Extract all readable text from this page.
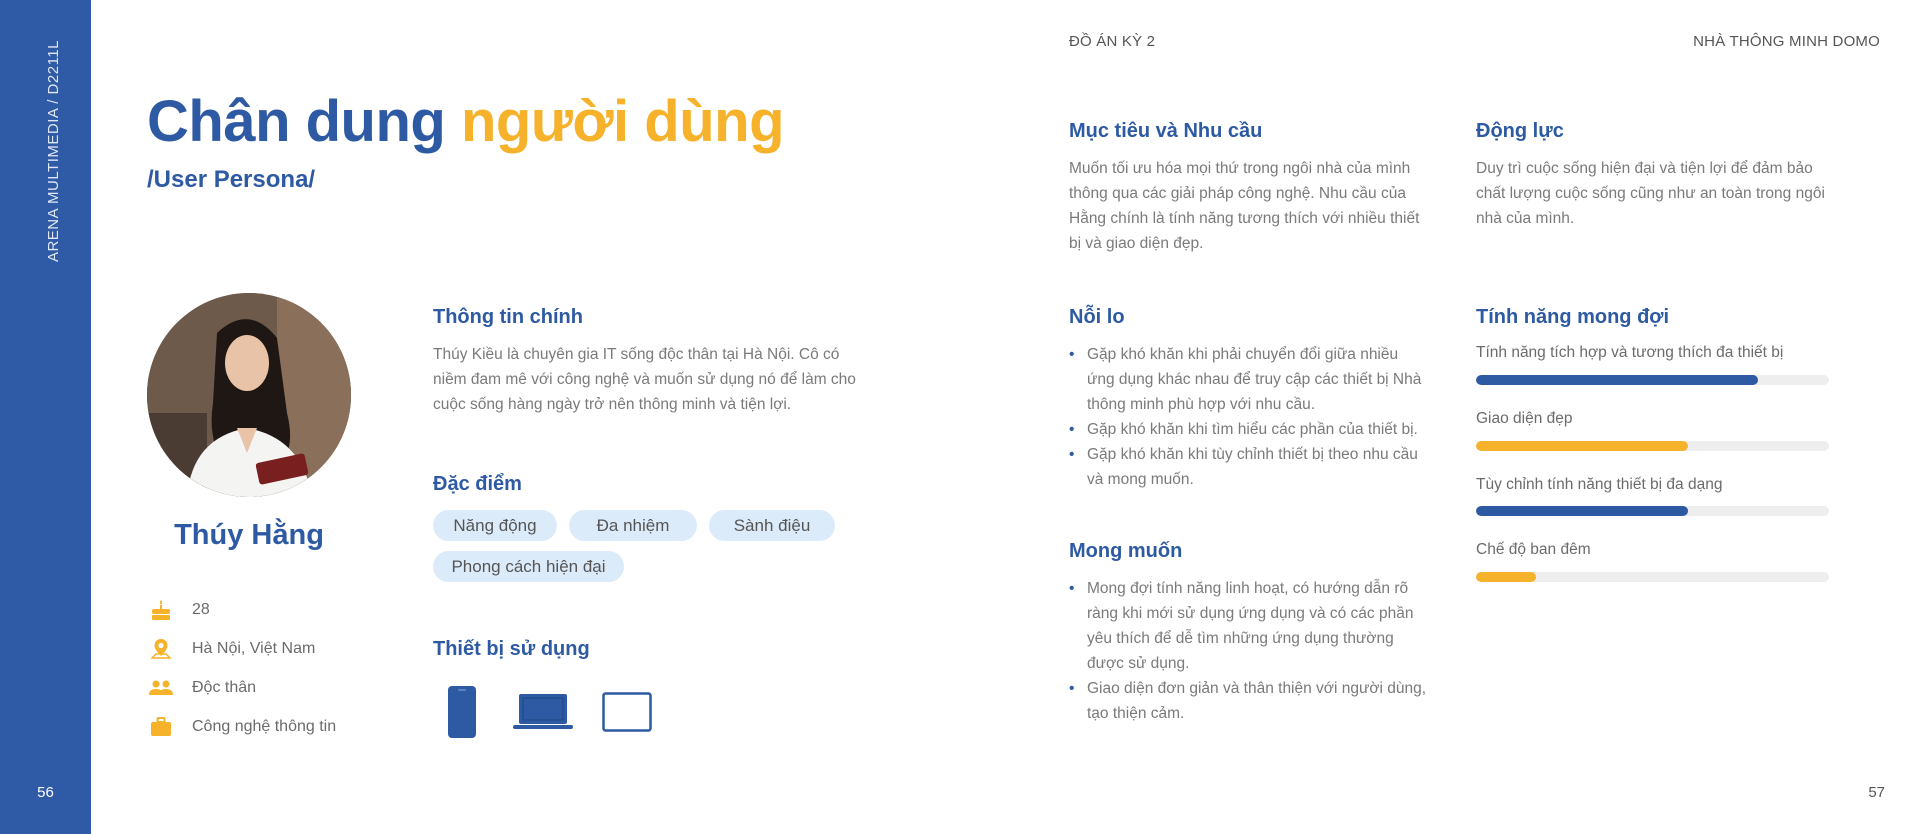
ARENA MULTIMEDIA / D2211L
56
ĐỒ ÁN KỲ 2	NHÀ THÔNG MINH DOMO
57
Chân dung người dùng
/User Persona/
Thúy Hằng
28
Hà Nội, Việt Nam
Độc thân
Công nghệ thông tin
Thông tin chính
Thúy Kiều là chuyên gia IT sống độc thân tại Hà Nội. Cô có
niềm đam mê với công nghệ và muốn sử dụng nó để làm cho
cuộc sống hàng ngày trở nên thông minh và tiện lợi.
Đặc điểm
Năng động	Đa nhiệm	Sành điệu
Phong cách hiện đại
Thiết bị sử dụng
Mục tiêu và Nhu cầu
Muốn tối ưu hóa mọi thứ trong ngôi nhà của mình
thông qua các giải pháp công nghệ. Nhu cầu của
Hằng chính là tính năng tương thích với nhiều thiết
bị và giao diện đẹp.
Động lực
Duy trì cuộc sống hiện đại và tiện lợi để đảm bảo
chất lượng cuộc sống cũng như an toàn trong ngôi
nhà của mình.
Nỗi lo
• Gặp khó khăn khi phải chuyển đổi giữa nhiều
ứng dụng khác nhau để truy cập các thiết bị Nhà
thông minh phù hợp với nhu cầu.
• Gặp khó khăn khi tìm hiểu các phần của thiết bị.
• Gặp khó khăn khi tùy chỉnh thiết bị theo nhu cầu
và mong muốn.
Mong muốn
• Mong đợi tính năng linh hoạt, có hướng dẫn rõ
ràng khi mới sử dụng ứng dụng và có các phần
yêu thích để dễ tìm những ứng dụng thường
được sử dụng.
• Giao diện đơn giản và thân thiện với người dùng,
tạo thiện cảm.
Tính năng mong đợi
Tính năng tích hợp và tương thích đa thiết bị
Giao diện đẹp
Tùy chỉnh tính năng thiết bị đa dạng
Chế độ ban đêm
